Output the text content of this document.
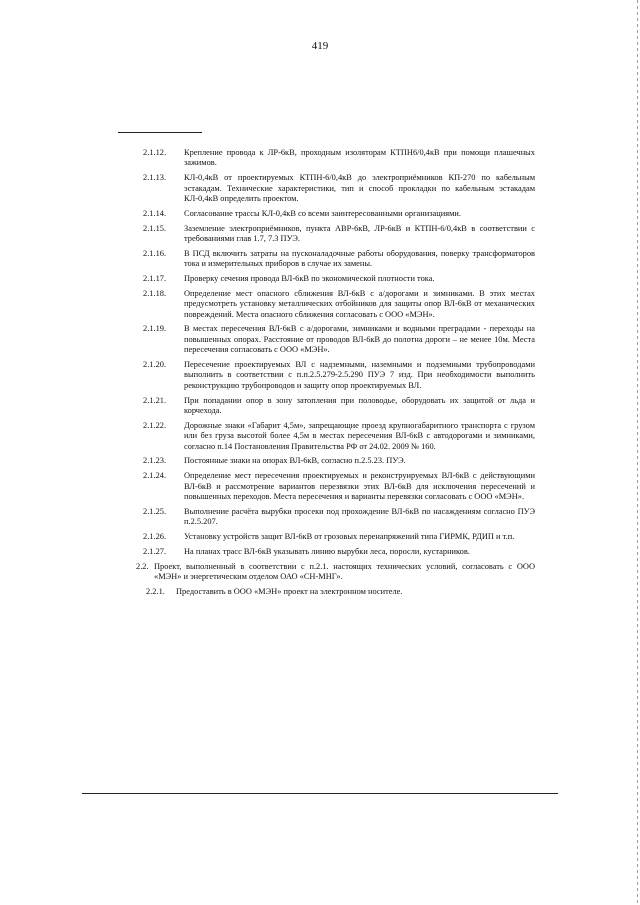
419
2.1.12.	Крепление провода к ЛР-6кВ, проходным изоляторам КТПН6/0,4кВ при помощи плашечных зажимов.
2.1.13.	КЛ-0,4кВ от проектируемых КТПН-6/0,4кВ до электроприёмников КП-270 по кабельным эстакадам. Технические характеристики, тип и способ прокладки по кабельным эстакадам КЛ-0,4кВ определить проектом.
2.1.14.	Согласование трассы КЛ-0,4кВ со всеми заинтересованными организациями.
2.1.15.	Заземление электроприёмников, пункта АВР-6кВ, ЛР-6кВ и КТПН-6/0,4кВ в соответствии с требованиями глав 1.7, 7.3 ПУЭ.
2.1.16.	В ПСД включить затраты на пусконаладочные работы оборудования, поверку трансформаторов тока и измерительных приборов в случае их замены.
2.1.17.	Проверку сечения провода ВЛ-6кВ по экономической плотности тока.
2.1.18.	Определение мест опасного сближения ВЛ-6кВ с а/дорогами и зимниками. В этих местах предусмотреть установку металлических отбойников для защиты опор ВЛ-6кВ от механических повреждений. Места опасного сближения согласовать с ООО «МЭН».
2.1.19.	В местах пересечения ВЛ-6кВ с а/дорогами, зимниками и водными преградами - переходы на повышенных опорах. Расстояние от проводов ВЛ-6кВ до полотна дороги – не менее 10м. Места пересечения согласовать с ООО «МЭН».
2.1.20.	Пересечение проектируемых ВЛ с надземными, наземными и подземными трубопроводами выполнить в соответствии с п.п.2.5.279-2.5.290 ПУЭ 7 изд. При необходимости выполнить реконструкцию трубопроводов и защиту опор проектируемых ВЛ.
2.1.21.	При попадании опор в зону затопления при половодье, оборудовать их защитой от льда и корчехода.
2.1.22.	Дорожные знаки «Габарит 4,5м», запрещающие проезд крупногабаритного транспорта с грузом или без груза высотой более 4,5м в местах пересечения ВЛ-6кВ с автодорогами и зимниками, согласно п.14 Постановления Правительства РФ от 24.02. 2009 № 160.
2.1.23.	Постоянные знаки на опорах ВЛ-6кВ, согласно п.2.5.23. ПУЭ.
2.1.24.	Определение мест пересечения проектируемых и реконструируемых ВЛ-6кВ с действующими ВЛ-6кВ и рассмотрение вариантов перезвязки этих ВЛ-6кВ для исключения пересечений и повышенных переходов. Места пересечения и варианты перевязки согласовать с ООО «МЭН».
2.1.25.	Выполнение расчёта вырубки просеки под прохождение ВЛ-6кВ по насаждениям согласно ПУЭ п.2.5.207.
2.1.26.	Установку устройств защит ВЛ-6кВ от грозовых перенапряжений типа ГИРМК, РДИП и т.п.
2.1.27.	На планах трасс ВЛ-6кВ указывать линию вырубки леса, поросли, кустарников.
2.2. Проект, выполненный в соответствии с п.2.1. настоящих технических условий, согласовать с ООО «МЭН» и энергетическим отделом ОАО «СН-МНГ».
2.2.1.	Предоставить в ООО «МЭН» проект на электронном носителе.
